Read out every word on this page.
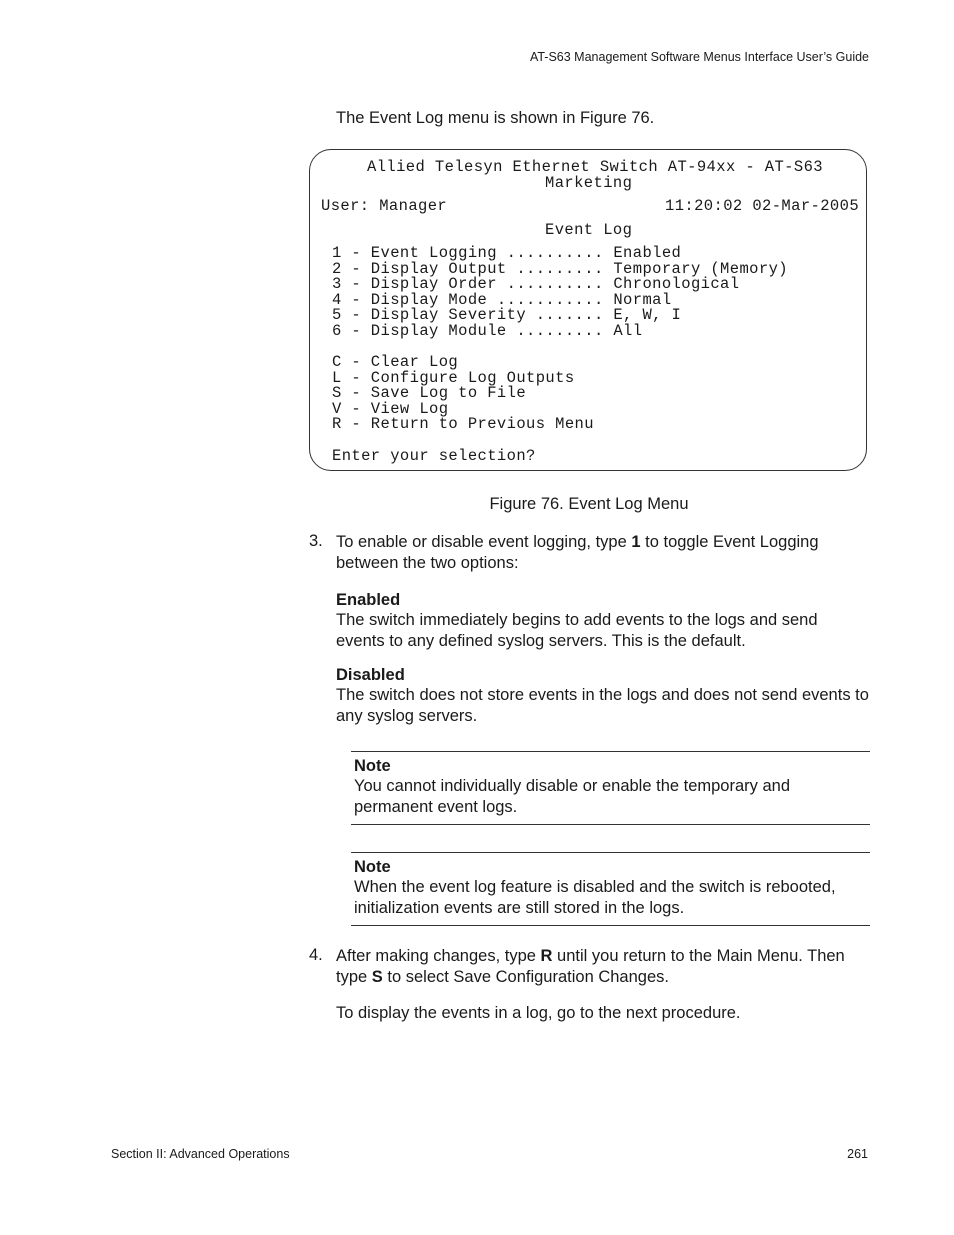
AT-S63 Management Software Menus Interface User’s Guide
The Event Log menu is shown in Figure 76.
Allied Telesyn Ethernet Switch AT-94xx - AT-S63
Marketing
User: Manager	11:20:02 02-Mar-2005
Event Log
1 - Event Logging .......... Enabled
2 - Display Output ......... Temporary (Memory)
3 - Display Order .......... Chronological
4 - Display Mode ........... Normal
5 - Display Severity ....... E, W, I
6 - Display Module ......... All
C - Clear Log
L - Configure Log Outputs
S - Save Log to File
V - View Log
R - Return to Previous Menu
Enter your selection?
Figure 76. Event Log Menu
3. To enable or disable event logging, type 1 to toggle Event Logging between the two options:
Enabled
The switch immediately begins to add events to the logs and send events to any defined syslog servers. This is the default.
Disabled
The switch does not store events in the logs and does not send events to any syslog servers.
Note
You cannot individually disable or enable the temporary and permanent event logs.
Note
When the event log feature is disabled and the switch is rebooted, initialization events are still stored in the logs.
4. After making changes, type R until you return to the Main Menu. Then type S to select Save Configuration Changes.
To display the events in a log, go to the next procedure.
Section II: Advanced Operations	261
